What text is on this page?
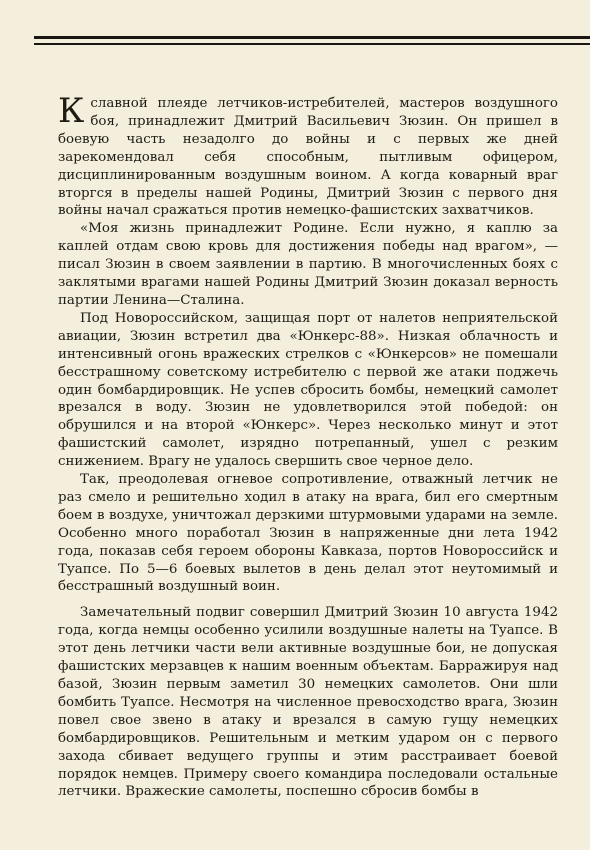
К славной плеяде летчиков-истребителей, мастеров воздушного боя, принадлежит Дмитрий Васильевич Зюзин. Он пришел в боевую часть незадолго до войны и с первых же дней зарекомендовал себя способным, пытливым офицером, дисциплинированным воздушным воином. А когда коварный враг вторгся в пределы нашей Родины, Дмитрий Зюзин с первого дня войны начал сражаться против немецко-фашистских захватчиков.

«Моя жизнь принадлежит Родине. Если нужно, я каплю за каплей отдам свою кровь для достижения победы над врагом», — писал Зюзин в своем заявлении в партию. В многочисленных боях с заклятыми врагами нашей Родины Дмитрий Зюзин доказал верность партии Ленина—Сталина.

Под Новороссийском, защищая порт от налетов неприятельской авиации, Зюзин встретил два «Юнкерс-88». Низкая облачность и интенсивный огонь вражеских стрелков с «Юнкерсов» не помешали бесстрашному советскому истребителю с первой же атаки поджечь один бомбардировщик. Не успев сбросить бомбы, немецкий самолет врезался в воду. Зюзин не удовлетворился этой победой: он обрушился и на второй «Юнкерс». Через несколько минут и этот фашистский самолет, изрядно потрепанный, ушел с резким снижением. Врагу не удалось свершить свое черное дело.

Так, преодолевая огневое сопротивление, отважный летчик не раз смело и решительно ходил в атаку на врага, бил его смертным боем в воздухе, уничтожал дерзкими штурмовыми ударами на земле. Особенно много поработал Зюзин в напряженные дни лета 1942 года, показав себя героем обороны Кавказа, портов Новороссийск и Туапсе. По 5—6 боевых вылетов в день делал этот неутомимый и бесстрашный воздушный воин.

Замечательный подвиг совершил Дмитрий Зюзин 10 августа 1942 года, когда немцы особенно усилили воздушные налеты на Туапсе. В этот день летчики части вели активные воздушные бои, не допуская фашистских мерзавцев к нашим военным объектам. Барражируя над базой, Зюзин первым заметил 30 немецких самолетов. Они шли бомбить Туапсе. Несмотря на численное превосходство врага, Зюзин повел свое звено в атаку и врезался в самую гущу немецких бомбардировщиков. Решительным и метким ударом он с первого захода сбивает ведущего группы и этим расстраивает боевой порядок немцев. Примеру своего командира последовали остальные летчики. Вражеские самолеты, поспешно сбросив бомбы в
